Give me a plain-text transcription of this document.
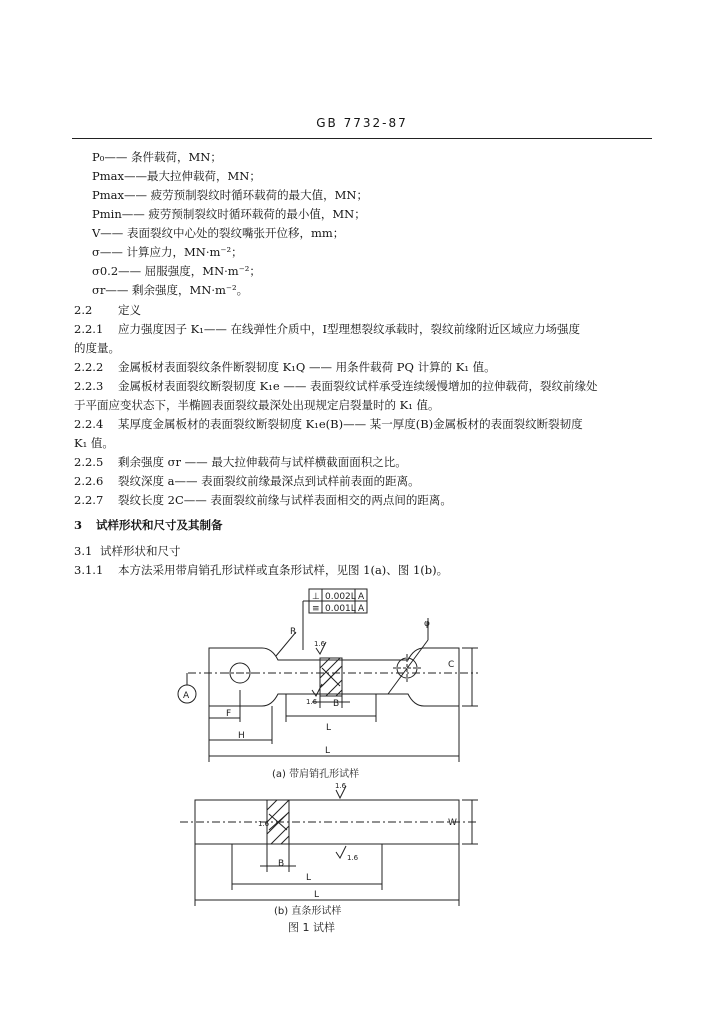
GB 7732-87
P₀—— 条件载荷，MN；
Pmax——最大拉伸载荷，MN；
Pmax—— 疲劳预制裂纹时循环载荷的最大值，MN；
Pmin—— 疲劳预制裂纹时循环载荷的最小值，MN；
V—— 表面裂纹中心处的裂纹嘴张开位移，mm；
σ—— 计算应力，MN·m⁻²；
σ0.2—— 屈服强度，MN·m⁻²；
σr—— 剩余强度，MN·m⁻²。
2.2 定义
2.2.1 应力强度因子 K₁—— 在线弹性介质中，Ⅰ型理想裂纹承载时，裂纹前缘附近区域应力场强度
的度量。
2.2.2 金属板材表面裂纹条件断裂韧度 K₁Q —— 用条件载荷 PQ 计算的 K₁ 值。
2.2.3 金属板材表面裂纹断裂韧度 K₁e —— 表面裂纹试样承受连续缓慢增加的拉伸载荷，裂纹前缘处
于平面应变状态下，半椭圆表面裂纹最深处出现规定启裂量时的 K₁ 值。
2.2.4 某厚度金属板材的表面裂纹断裂韧度 K₁e(B)—— 某一厚度(B)金属板材的表面裂纹断裂韧度
K₁ 值。
2.2.5 剩余强度 σr —— 最大拉伸载荷与试样横截面面积之比。
2.2.6 裂纹深度 a—— 表面裂纹前缘最深点到试样前表面的距离。
2.2.7 裂纹长度 2C—— 表面裂纹前缘与试样表面相交的两点间的距离。
3 试样形状和尺寸及其制备
3.1 试样形状和尺寸
3.1.1 本方法采用带肩销孔形试样或直条形试样，见图 1(a)、图 1(b)。
⊥ 0.002L A
≡ 0.001L A
A
R
φ
C
F
H
L
L
B
W
B
L
L
1.6
1.6
1.6
1.6
1.6
(a) 带肩销孔形试样
(b) 直条形试样
图 1 试样
